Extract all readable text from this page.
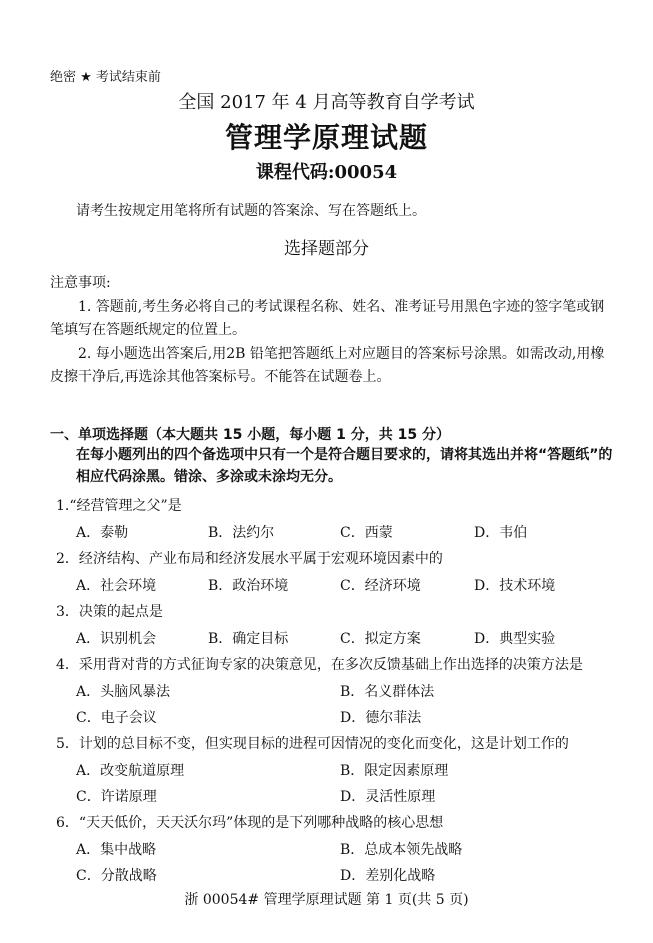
绝密 ★ 考试结束前
全国 2017 年 4 月高等教育自学考试
管理学原理试题
课程代码:00054
请考生按规定用笔将所有试题的答案涂、写在答题纸上。
选择题部分
注意事项:
1. 答题前,考生务必将自己的考试课程名称、姓名、准考证号用黑色字迹的签字笔或钢笔填写在答题纸规定的位置上。
2. 每小题选出答案后,用2B 铅笔把答题纸上对应题目的答案标号涂黑。如需改动,用橡皮擦干净后,再选涂其他答案标号。不能答在试题卷上。
一、单项选择题（本大题共 15 小题，每小题 1 分，共 15 分）
在每小题列出的四个备选项中只有一个是符合题目要求的，请将其选出并将“答题纸”的相应代码涂黑。错涂、多涂或未涂均无分。
1.“经营管理之父”是
A．泰勒	B．法约尔	C．西蒙	D．韦伯
2．经济结构、产业布局和经济发展水平属于宏观环境因素中的
A．社会环境	B．政治环境	C．经济环境	D．技术环境
3．决策的起点是
A．识别机会	B．确定目标	C．拟定方案	D．典型实验
4．采用背对背的方式征询专家的决策意见，在多次反馈基础上作出选择的决策方法是
A．头脑风暴法	B．名义群体法
C．电子会议	D．德尔菲法
5．计划的总目标不变，但实现目标的进程可因情况的变化而变化，这是计划工作的
A．改变航道原理	B．限定因素原理
C．许诺原理	D．灵活性原理
6．“天天低价，天天沃尔玛”体现的是下列哪种战略的核心思想
A．集中战略	B．总成本领先战略
C．分散战略	D．差别化战略
浙 00054# 管理学原理试题 第 1 页(共 5 页)
